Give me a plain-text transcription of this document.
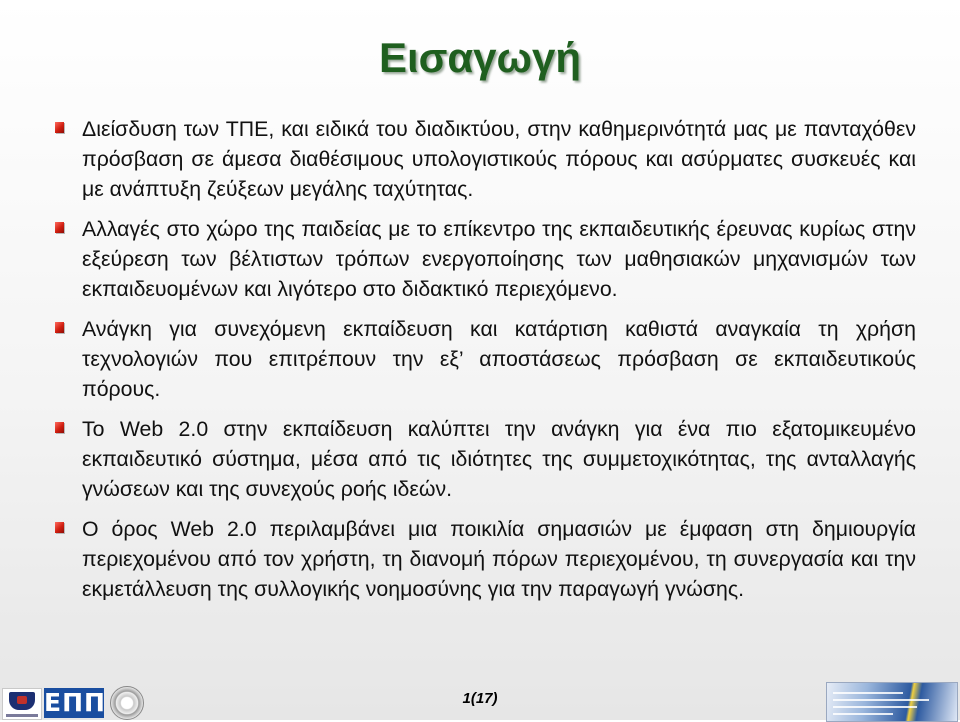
Εισαγωγή
Διείσδυση των ΤΠΕ, και ειδικά του διαδικτύου, στην καθημερινότητά μας με πανταχόθεν πρόσβαση σε άμεσα διαθέσιμους υπολογιστικούς πόρους και ασύρματες συσκευές και με ανάπτυξη ζεύξεων μεγάλης ταχύτητας.
Αλλαγές στο χώρο της παιδείας με το επίκεντρο της εκπαιδευτικής έρευνας κυρίως στην εξεύρεση των βέλτιστων τρόπων ενεργοποίησης των μαθησιακών μηχανισμών των εκπαιδευομένων και λιγότερο στο διδακτικό περιεχόμενο.
Ανάγκη για συνεχόμενη εκπαίδευση και κατάρτιση καθιστά αναγκαία τη χρήση τεχνολογιών που επιτρέπουν την εξ’ αποστάσεως πρόσβαση σε εκπαιδευτικούς πόρους.
Το Web 2.0 στην εκπαίδευση καλύπτει την ανάγκη για ένα πιο εξατομικευμένο εκπαιδευτικό σύστημα, μέσα από τις ιδιότητες της συμμετοχικότητας, της ανταλλαγής γνώσεων και της συνεχούς ροής ιδεών.
Ο όρος Web 2.0 περιλαμβάνει μια ποικιλία σημασιών με έμφαση στη δημιουργία περιεχομένου από τον χρήστη, τη διανομή πόρων περιεχομένου, τη συνεργασία και την εκμετάλλευση της συλλογικής νοημοσύνης για την παραγωγή γνώσης.
ΕΠΠ	1(17)
